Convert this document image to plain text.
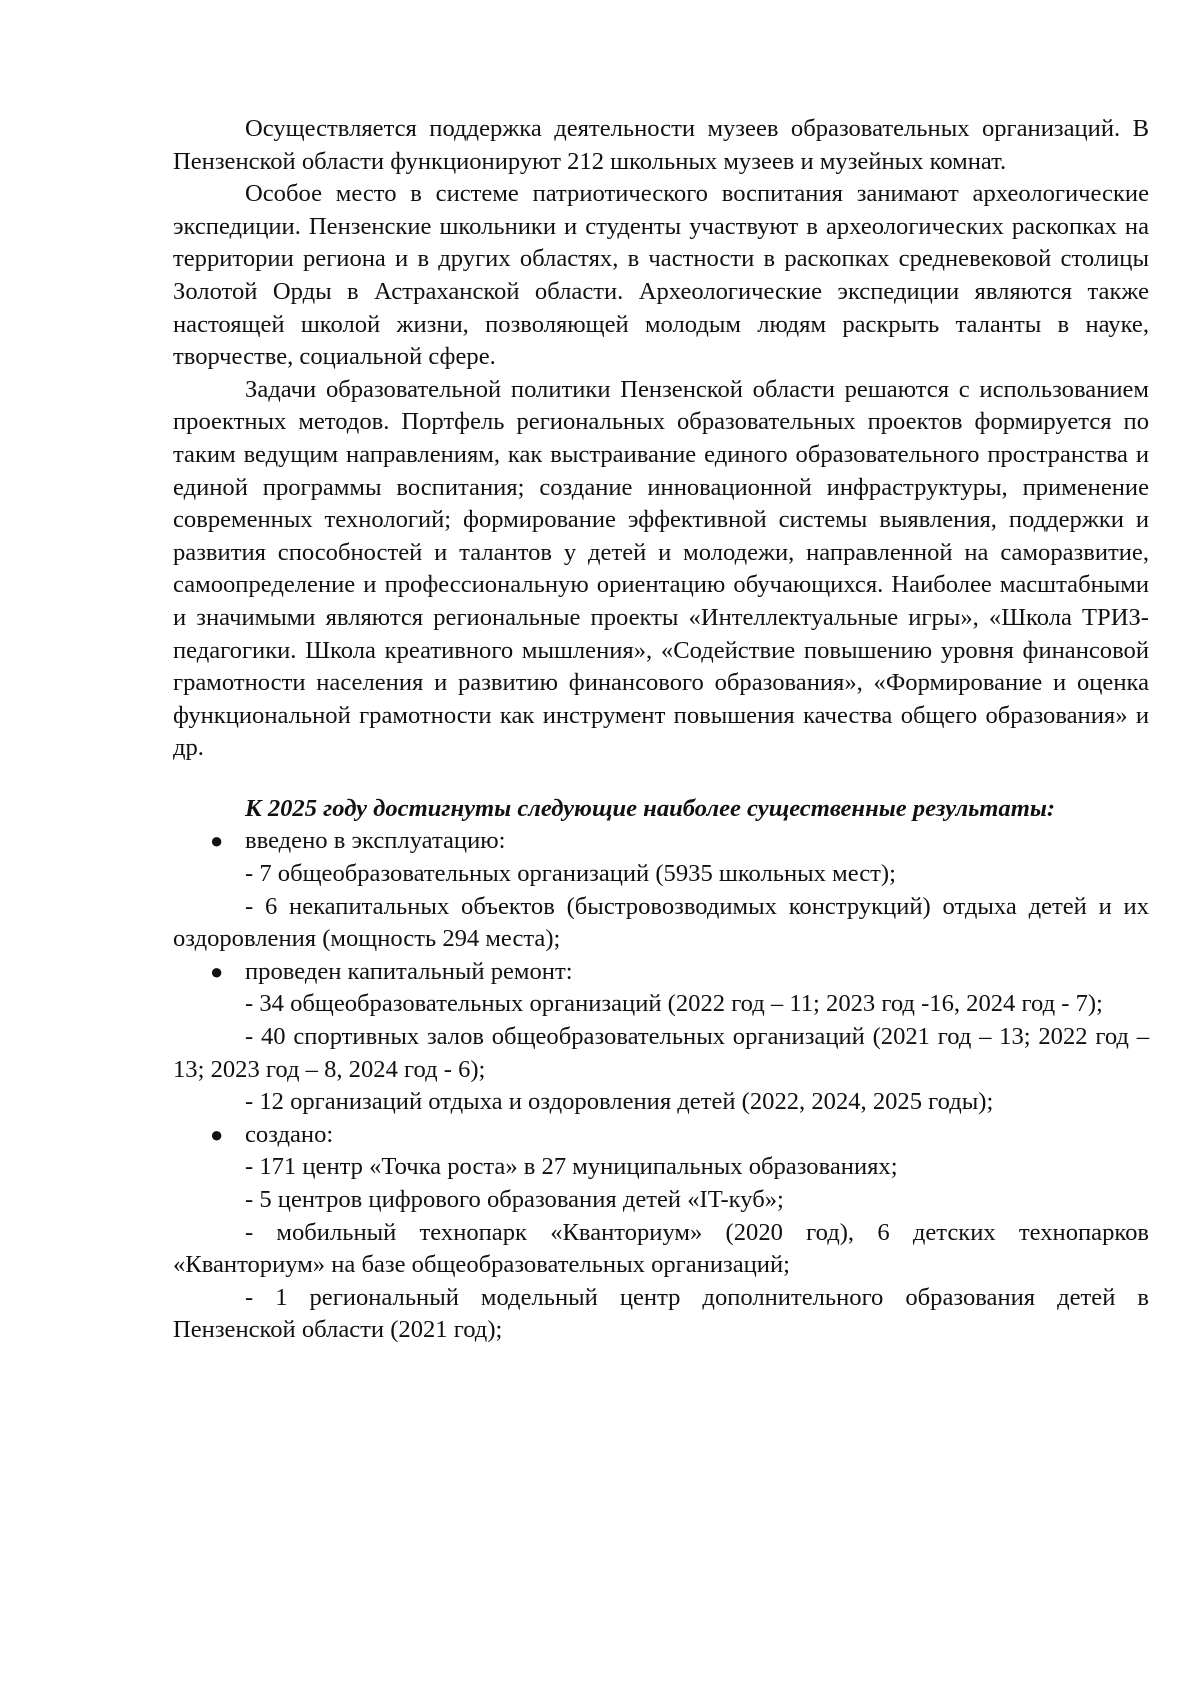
Осуществляется поддержка деятельности музеев образовательных организаций. В Пензенской области функционируют 212 школьных музеев и музейных комнат.

Особое место в системе патриотического воспитания занимают археологические экспедиции. Пензенские школьники и студенты участвуют в археологических раскопках на территории региона и в других областях, в частности в раскопках средневековой столицы Золотой Орды в Астраханской области. Археологические экспедиции являются также настоящей школой жизни, позволяющей молодым людям раскрыть таланты в науке, творчестве, социальной сфере.

Задачи образовательной политики Пензенской области решаются с использованием проектных методов. Портфель региональных образовательных проектов формируется по таким ведущим направлениям, как выстраивание единого образовательного пространства и единой программы воспитания; создание инновационной инфраструктуры, применение современных технологий; формирование эффективной системы выявления, поддержки и развития способностей и талантов у детей и молодежи, направленной на саморазвитие, самоопределение и профессиональную ориентацию обучающихся. Наиболее масштабными и значимыми являются региональные проекты «Интеллектуальные игры», «Школа ТРИЗ-педагогики. Школа креативного мышления», «Содействие повышению уровня финансовой грамотности населения и развитию финансового образования», «Формирование и оценка функциональной грамотности как инструмент повышения качества общего образования» и др.

К 2025 году достигнуты следующие наиболее существенные результаты:

● введено в эксплуатацию:

- 7 общеобразовательных организаций (5935 школьных мест);

- 6 некапитальных объектов (быстровозводимых конструкций) отдыха детей и их оздоровления (мощность 294 места);

● проведен капитальный ремонт:

- 34 общеобразовательных организаций (2022 год – 11; 2023 год -16, 2024 год - 7);

- 40 спортивных залов общеобразовательных организаций (2021 год – 13; 2022 год – 13; 2023 год – 8, 2024 год - 6);

- 12 организаций отдыха и оздоровления детей (2022, 2024, 2025 годы);

● создано:

- 171 центр «Точка роста» в 27 муниципальных образованиях;

- 5 центров цифрового образования детей «IT-куб»;

- мобильный технопарк «Кванториум» (2020 год), 6 детских технопарков «Кванториум» на базе общеобразовательных организаций;

- 1 региональный модельный центр дополнительного образования детей в Пензенской области (2021 год);
